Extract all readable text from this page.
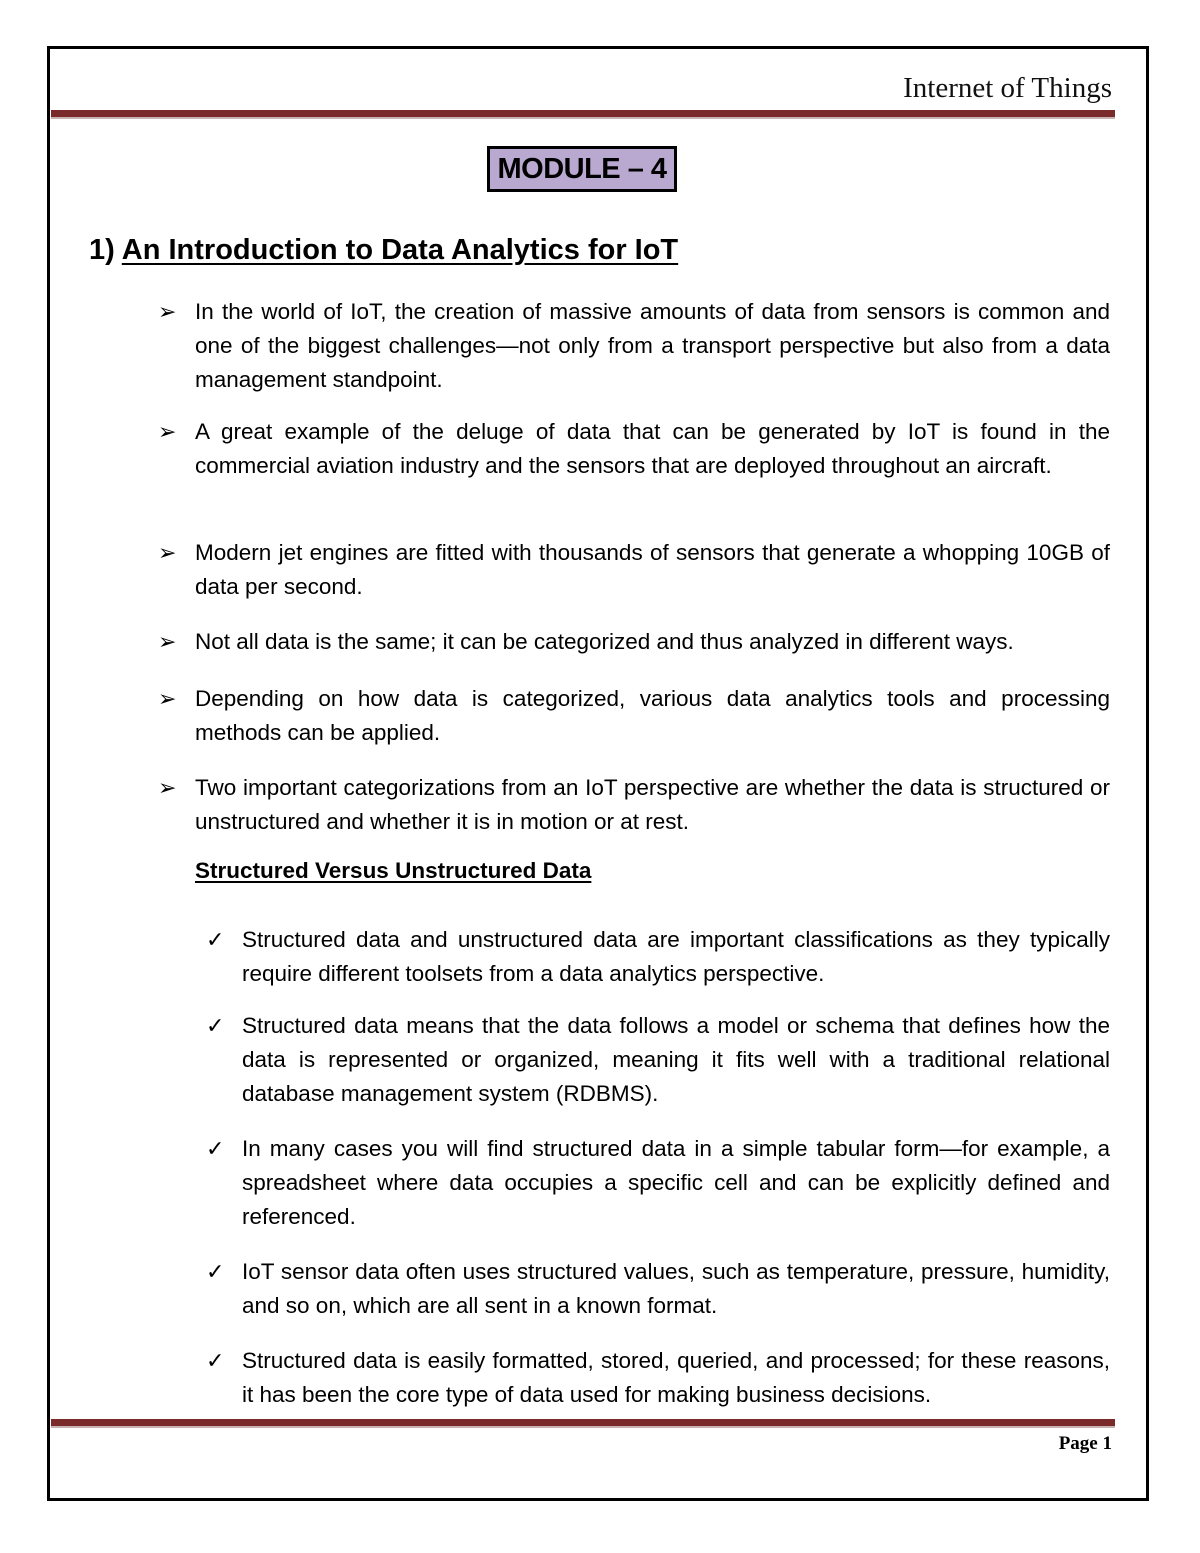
Internet of Things
MODULE – 4
1) An Introduction to Data Analytics for IoT
➢ In the world of IoT, the creation of massive amounts of data from sensors is common and one of the biggest challenges—not only from a transport perspective but also from a data management standpoint.
➢ A great example of the deluge of data that can be generated by IoT is found in the commercial aviation industry and the sensors that are deployed throughout an aircraft.
➢ Modern jet engines are fitted with thousands of sensors that generate a whopping 10GB of data per second.
➢ Not all data is the same; it can be categorized and thus analyzed in different ways.
➢ Depending on how data is categorized, various data analytics tools and processing methods can be applied.
➢ Two important categorizations from an IoT perspective are whether the data is structured or unstructured and whether it is in motion or at rest.
Structured Versus Unstructured Data
✓ Structured data and unstructured data are important classifications as they typically require different toolsets from a data analytics perspective.
✓ Structured data means that the data follows a model or schema that defines how the data is represented or organized, meaning it fits well with a traditional relational database management system (RDBMS).
✓ In many cases you will find structured data in a simple tabular form—for example, a spreadsheet where data occupies a specific cell and can be explicitly defined and referenced.
✓ IoT sensor data often uses structured values, such as temperature, pressure, humidity, and so on, which are all sent in a known format.
✓ Structured data is easily formatted, stored, queried, and processed; for these reasons, it has been the core type of data used for making business decisions.
Page 1
